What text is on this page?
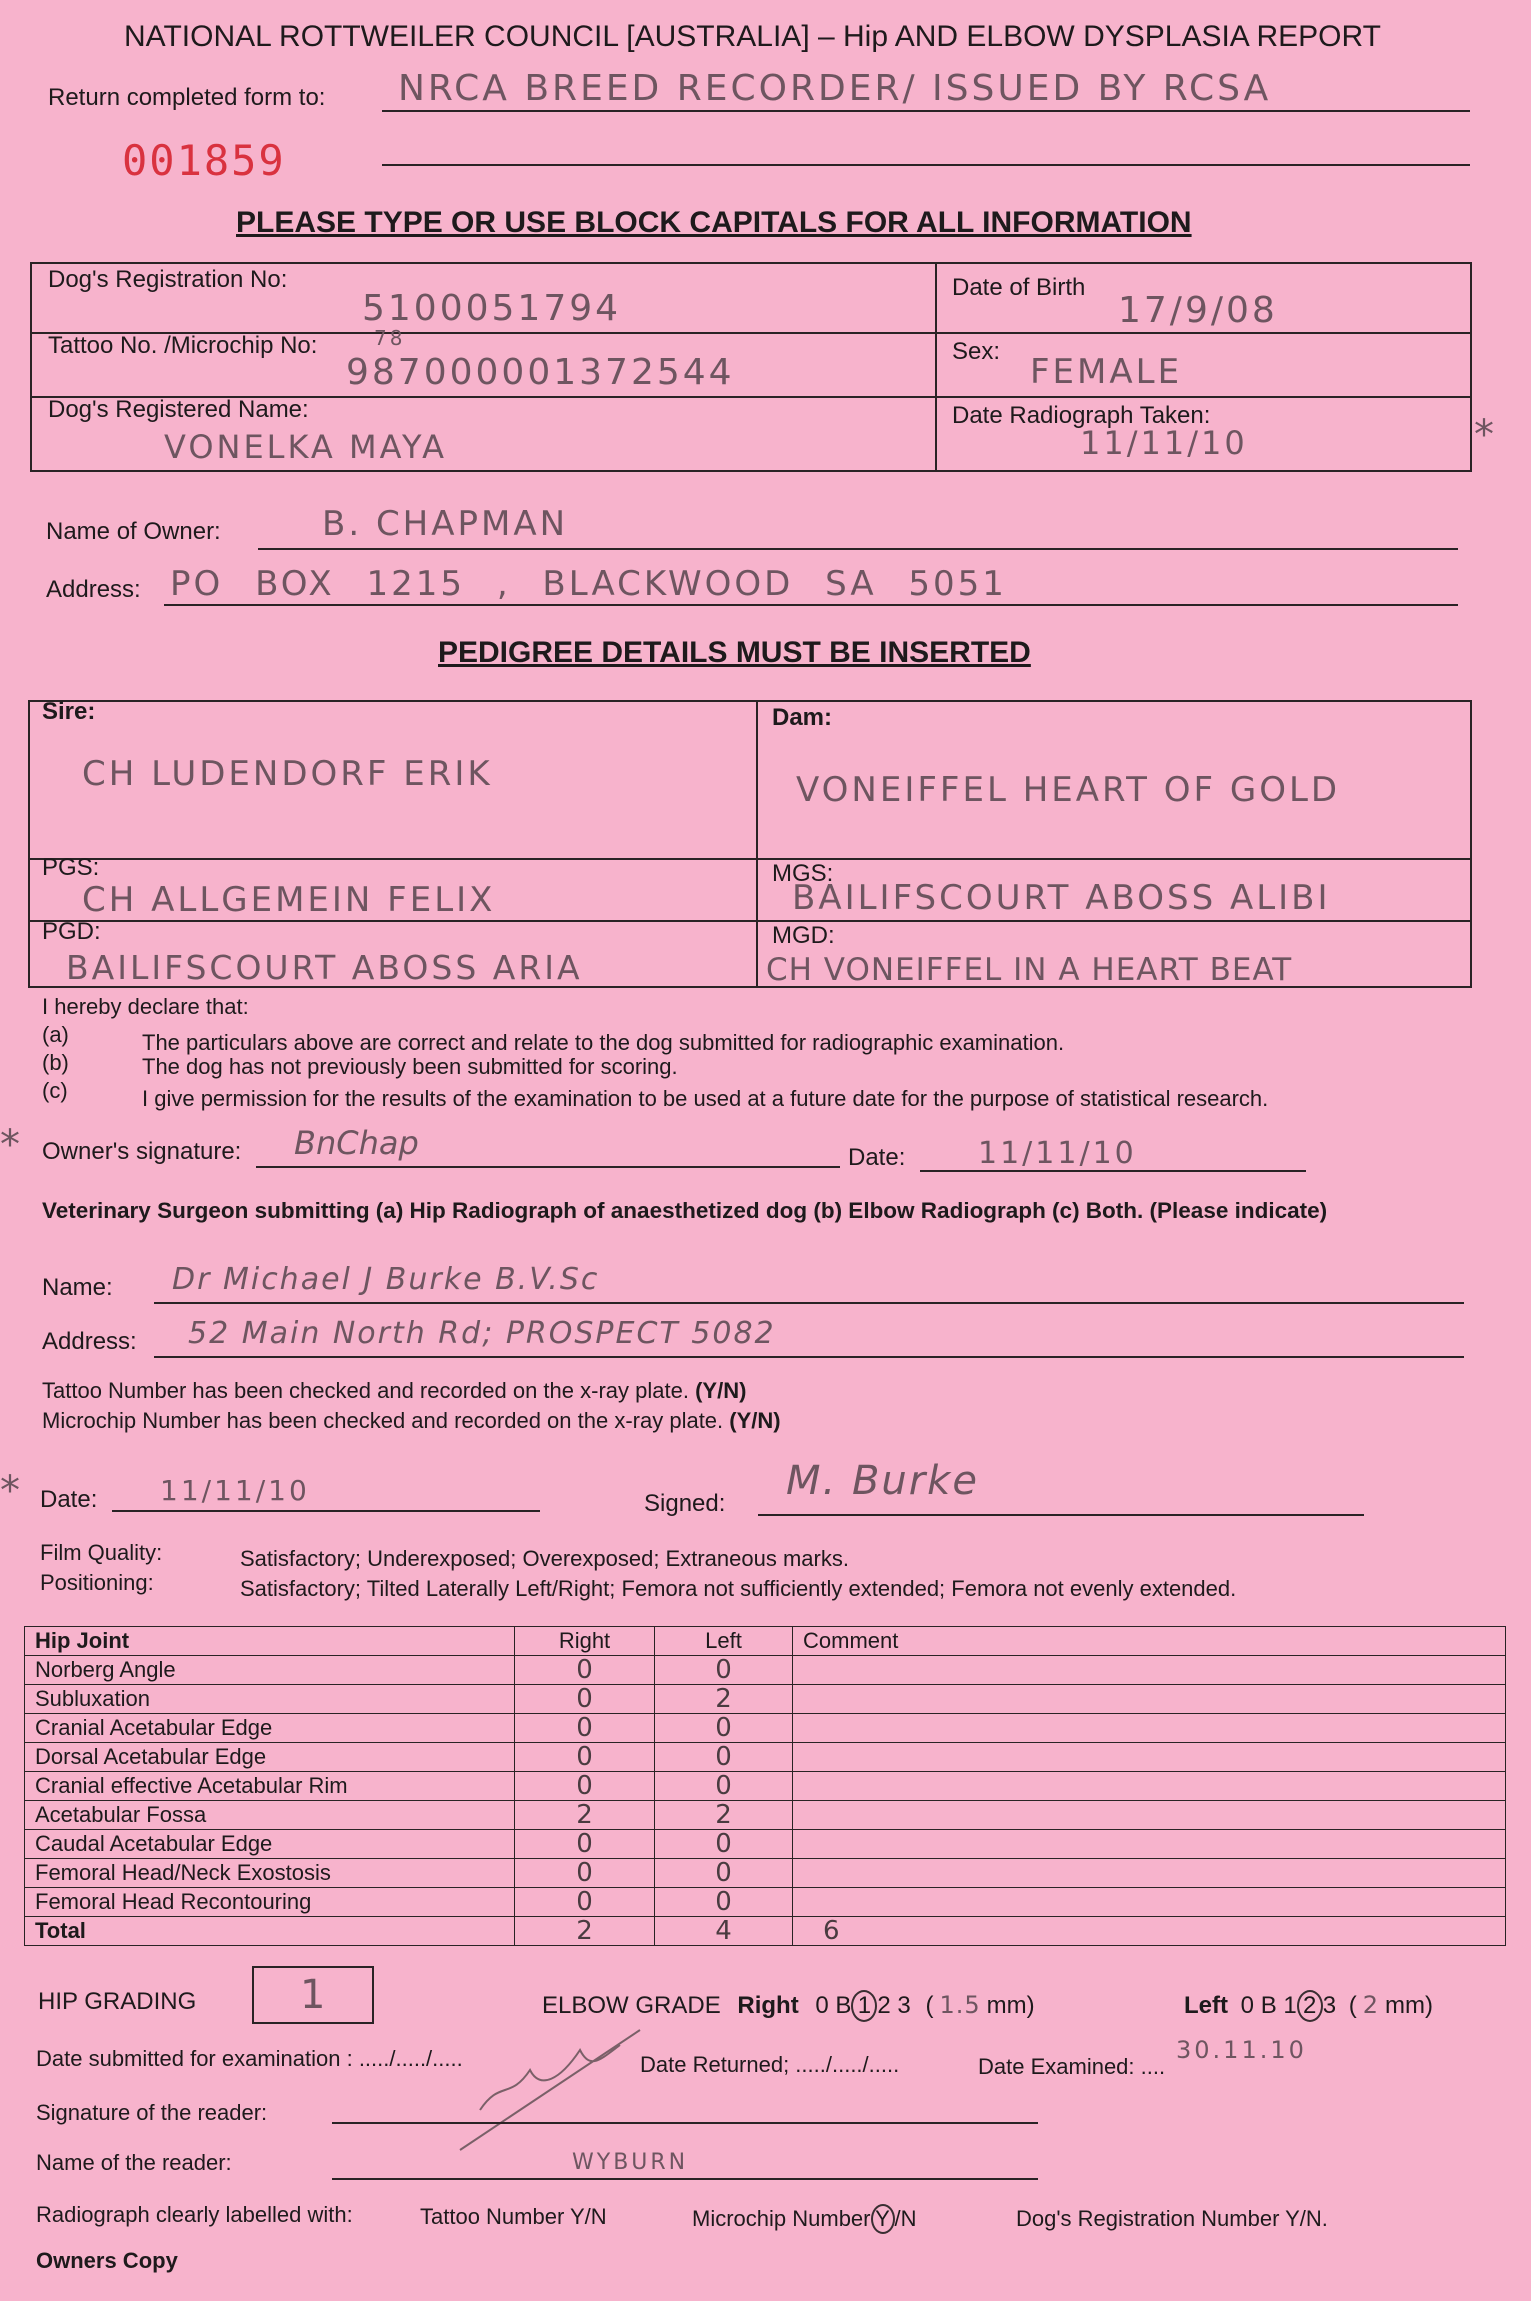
NATIONAL ROTTWEILER COUNCIL [AUSTRALIA] – Hip AND ELBOW DYSPLASIA REPORT
Return completed form to: NRCA BREED RECORDER/ ISSUED BY RCSA
001859
PLEASE TYPE OR USE BLOCK CAPITALS FOR ALL INFORMATION
Dog's Registration No:
5100051794
Date of Birth
17/9/08
Tattoo No. /Microchip No:	78
987000001372544
Sex:
FEMALE
Dog's Registered Name:
VONELKA MAYA
Date Radiograph Taken:
11/11/10	*
Name of Owner:	B. CHAPMAN
Address: PO BOX 1215 , BLACKWOOD SA 5051
PEDIGREE DETAILS MUST BE INSERTED
Sire:
CH LUDENDORF ERIK
Dam:
VONEIFFEL HEART OF GOLD
PGS:
CH ALLGEMEIN FELIX
MGS:
BAILIFSCOURT ABOSS ALIBI
PGD:
BAILIFSCOURT ABOSS ARIA
MGD:
CH VONEIFFEL IN A HEART BEAT
I hereby declare that:
(a)	The particulars above are correct and relate to the dog submitted for radiographic examination.
(b)	The dog has not previously been submitted for scoring.
(c)	I give permission for the results of the examination to be used at a future date for the purpose of statistical research.
* Owner's signature: BnChap	Date: 11/11/10
Veterinary Surgeon submitting (a) Hip Radiograph of anaesthetized dog (b) Elbow Radiograph (c) Both. (Please indicate)
Name: Dr Michael J Burke B.V.Sc
Address: 52 Main North Rd; PROSPECT 5082
Tattoo Number has been checked and recorded on the x-ray plate. (Y/N)
Microchip Number has been checked and recorded on the x-ray plate. (Y/N)
* Date: 11/11/10	Signed: M. Burke
Film Quality:	Satisfactory; Underexposed; Overexposed; Extraneous marks.
Positioning:	Satisfactory; Tilted Laterally Left/Right; Femora not sufficiently extended; Femora not evenly extended.
Hip Joint	Right	Left	Comment
Norberg Angle	0	0	
Subluxation	0	2	
Cranial Acetabular Edge	0	0	
Dorsal Acetabular Edge	0	0	
Cranial effective Acetabular Rim	0	0	
Acetabular Fossa	2	2	
Caudal Acetabular Edge	0	0	
Femoral Head/Neck Exostosis	0	0	
Femoral Head Recontouring	0	0	
Total	2	4	6
HIP GRADING	1	ELBOW GRADE Right 0 B 1 2 3 ( 1.5 mm)	Left 0 B 1 2 3 ( 2 mm)
Date submitted for examination : ...../...../.....	Date Returned; ...../...../.....	Date Examined: ....
30.11.10
Signature of the reader:
Name of the reader:	WYBURN
Radiograph clearly labelled with:	Tattoo Number Y/N	Microchip Number Y /N	Dog's Registration Number Y/N.
Owners Copy
